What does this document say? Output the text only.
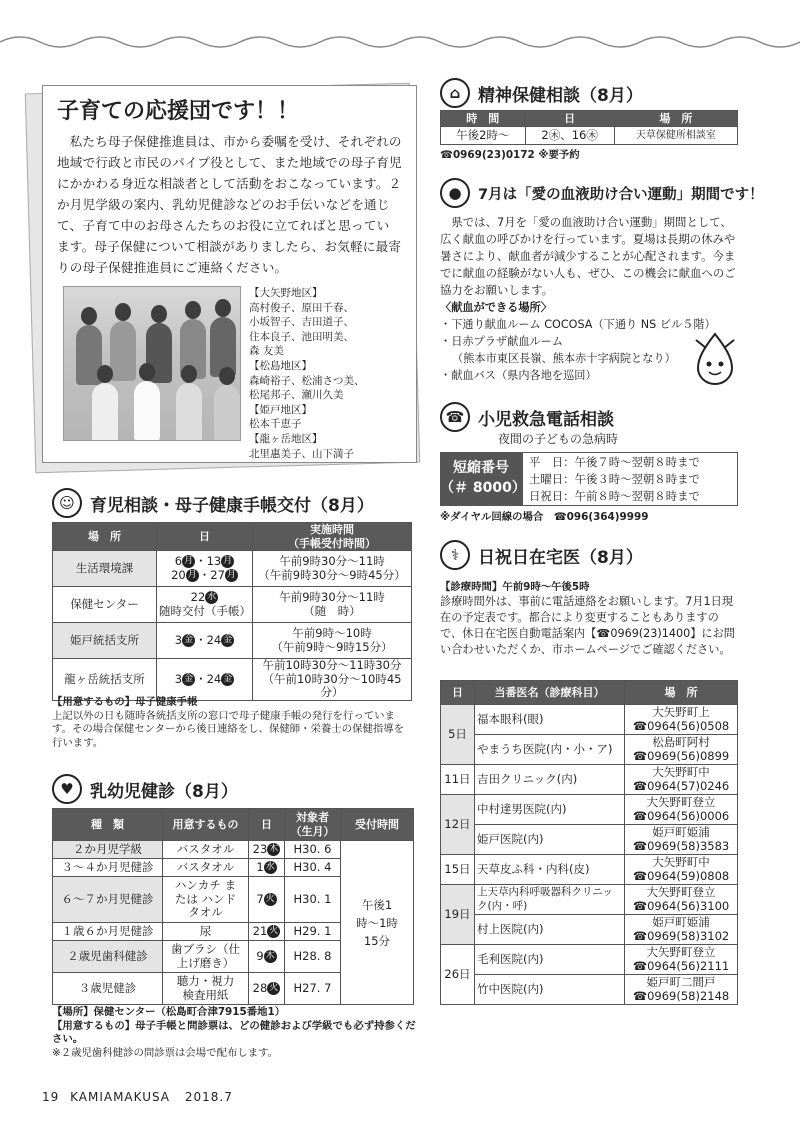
子育ての応援団です！！

私たち母子保健推進員は、市から委嘱を受け、それぞれの地域で行政と市民のパイプ役として、また地域での母子育児にかかわる身近な相談者として活動をおこなっています。２か月児学級の案内、乳幼児健診などのお手伝いなどを通じて、子育て中のお母さんたちのお役に立てればと思っています。母子保健について相談がありましたら、お気軽に最寄りの母子保健推進員にご連絡ください。

【大矢野地区】
高村俊子、原田千春、
小坂智子、吉田道子、
住本良子、池田明美、
森 友美
【松島地区】
森崎裕子、松浦さつ美、
松尾邦子、瀬川久美
【姫戸地区】
松本千恵子
【龍ヶ岳地区】
北里惠美子、山下満子
☺ 育児相談・母子健康手帳交付（8月）
場　所	日	実施時間
（手帳受付時間）
生活環境課	6 月 ・13 月
20 月 ・27 月	午前9時30分～11時
（午前9時30分～9時45分）
保健センター	22 水
随時交付（手帳）	午前9時30分～11時
（随　時）
姫戸統括支所	3 金 ・24 金	午前9時～10時
（午前9時～9時15分）
龍ヶ岳統括支所	3 金 ・24 金	午前10時30分～11時30分
（午前10時30分～10時45分）
【用意するもの】母子健康手帳
上記以外の日も随時各統括支所の窓口で母子健康手帳の発行を行っています。その場合保健センターから後日連絡をし、保健師・栄養士の保健指導を行います。
♥ 乳幼児健診（8月）
種　類	用意するもの	日	対象者（生月）	受付時間
２か月児学級	バスタオル	23 木	H30. 6	午後1時〜1時15分
３～４か月児健診	バスタオル	1 水	H30. 4	
６～７か月児健診	ハンカチ または ハンドタオル	7 火	H30. 1	
１歳６か月児健診	尿	21 火	H29. 1	
２歳児歯科健診	歯ブラシ（仕上げ磨き）	9 木	H28. 8	
３歳児健診	聴力・視力検査用紙	28 火	H27. 7	
【場所】保健センター（松島町合津7915番地1）
【用意するもの】母子手帳と問診票は、どの健診および学級でも必ず持参ください。
※２歳児歯科健診の問診票は会場で配布します。
19 KAMIAMAKUSA 2018.7
⌂	精神保健相談（8月）
時　間	日	場　所
午後2時～	2㊍、16㊍	天草保健所相談室
☎0969(23)0172 ※要予約
●	7月は「愛の血液助け合い運動」期間です！
県では、7月を「愛の血液助け合い運動」期間として、広く献血の呼びかけを行っています。夏場は長期の休みや暑さにより、献血者が減少することが心配されます。今までに献血の経験がない人も、ぜひ、この機会に献血へのご協力をお願いします。
〈献血ができる場所〉
・下通り献血ルーム COCOSA（下通り NS ビル５階）
・日赤プラザ献血ルーム
（熊本市東区長嶺、熊本赤十字病院となり）
・献血バス（県内各地を巡回）
☎ 小児救急電話相談
夜間の子どもの急病時
短縮番号
（＃ 8000）
平　日：午後７時～翌朝８時まで
土曜日：午後３時～翌朝８時まで
日祝日：午前８時～翌朝８時まで
※ダイヤル回線の場合　☎096(364)9999
⚕	日祝日在宅医（8月）
【診療時間】午前9時～午後5時
診療時間外は、事前に電話連絡をお願いします。7月1日現在の予定表です。都合により変更することもありますので、休日在宅医自動電話案内【☎0969(23)1400】にお問い合わせいただくか、市ホームページでご確認ください。
日	当番医名（診療科目）	場　所
5日	福本眼科(眼)	大矢野町上
☎0964(56)0508
	やまうち医院(内・小・ア)	松島町阿村
☎0969(56)0899
11日	吉田クリニック(内)	大矢野町中
☎0964(57)0246
12日	中村達男医院(内)	大矢野町登立
☎0964(56)0006
	姫戸医院(内)	姫戸町姫浦
☎0969(58)3583
15日	天草皮ふ科・内科(皮)	大矢野町中
☎0964(59)0808
19日	上天草内科呼吸器科クリニック(内・呼)	大矢野町登立
☎0964(56)3100
	村上医院(内)	姫戸町姫浦
☎0969(58)3102
26日	毛利医院(内)	大矢野町登立
☎0964(56)2111
	竹中医院(内)	姫戸町二間戸
☎0969(58)2148
